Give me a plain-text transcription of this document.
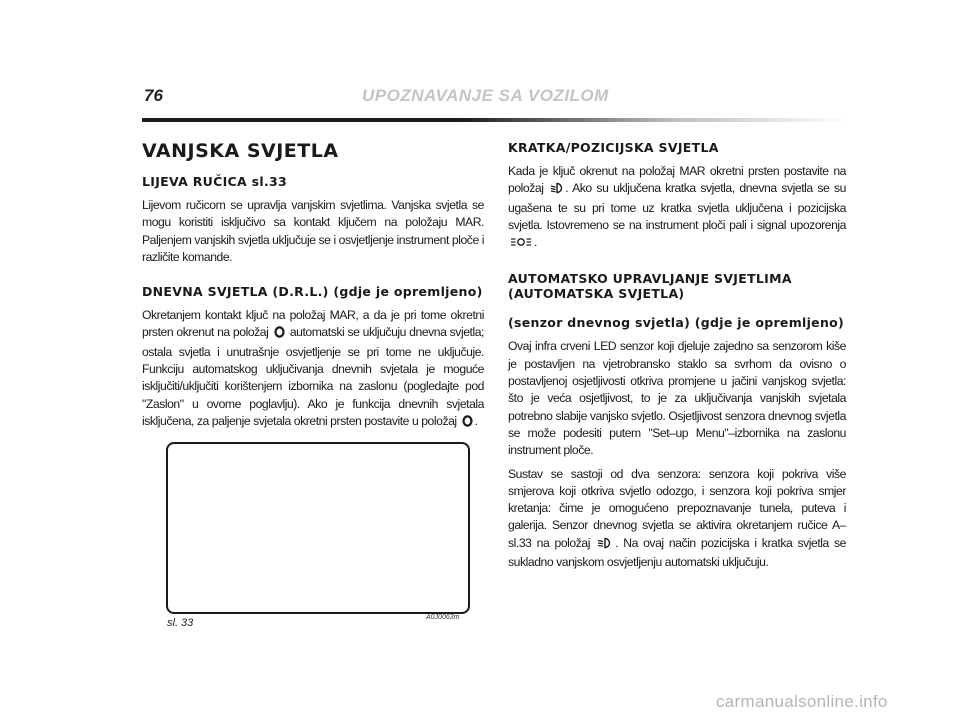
76	UPOZNAVANJE SA VOZILOM
VANJSKA SVJETLA
LIJEVA RUČICA sl.33

Lijevom ručicom se upravlja vanjskim svjetlima. Vanjska svjetla se mogu koristiti isključivo sa kontakt ključem na položaju MAR. Paljenjem vanjskih svjetla uključuje se i osvjetljenje instrument ploče i različite komande.

DNEVNA SVJETLA (D.R.L.) (gdje je opremljeno)

Okretanjem kontakt ključ na položaj MAR, a da je pri tome okretni prsten okrenut na položaj automatski se uključuju dnevna svjetla; ostala svjetla i unutrašnje osvjetljenje se pri tome ne uključuje. Funkciju automatskog uključivanja dnevnih svjetala je moguće isključiti/uključiti korištenjem izbornika na zaslonu (pogledajte pod "Zaslon" u ovome poglavlju). Ako je funkcija dnevnih svjetala isključena, za paljenje svjetala okretni prsten postavite u položaj .

sl. 33	A0J0063m
KRATKA/POZICIJSKA SVJETLA

Kada je ključ okrenut na položaj MAR okretni prsten postavite na položaj . Ako su uključena kratka svjetla, dnevna svjetla se su ugašena te su pri tome uz kratka svjetla uključena i pozicijska svjetla. Istovremeno se na instrument ploči pali i signal upozorenja .

AUTOMATSKO UPRAVLJANJE SVJETLIMA (AUTOMATSKA SVJETLA)
(senzor dnevnog svjetla) (gdje je opremljeno)

Ovaj infra crveni LED senzor koji djeluje zajedno sa senzorom kiše je postavljen na vjetrobransko staklo sa svrhom da ovisno o postavljenoj osjetljivosti otkriva promjene u jačini vanjskog svjetla: što je veća osjetljivost, to je za uključivanja vanjskih svjetala potrebno slabije vanjsko svjetlo. Osjetljivost senzora dnevnog svjetla se može podesiti putem "Set–up Menu"–izbornika na zaslonu instrument ploče.

Sustav se sastoji od dva senzora: senzora koji pokriva više smjerova koji otkriva svjetlo odozgo, i senzora koji pokriva smjer kretanja: čime je omogućeno prepoznavanje tunela, puteva i galerija. Senzor dnevnog svjetla se aktivira okretanjem ručice A–sl.33 na položaj . Na ovaj način pozicijska i kratka svjetla se sukladno vanjskom osvjetljenju automatski uključuju.

carmanualsonline.info
